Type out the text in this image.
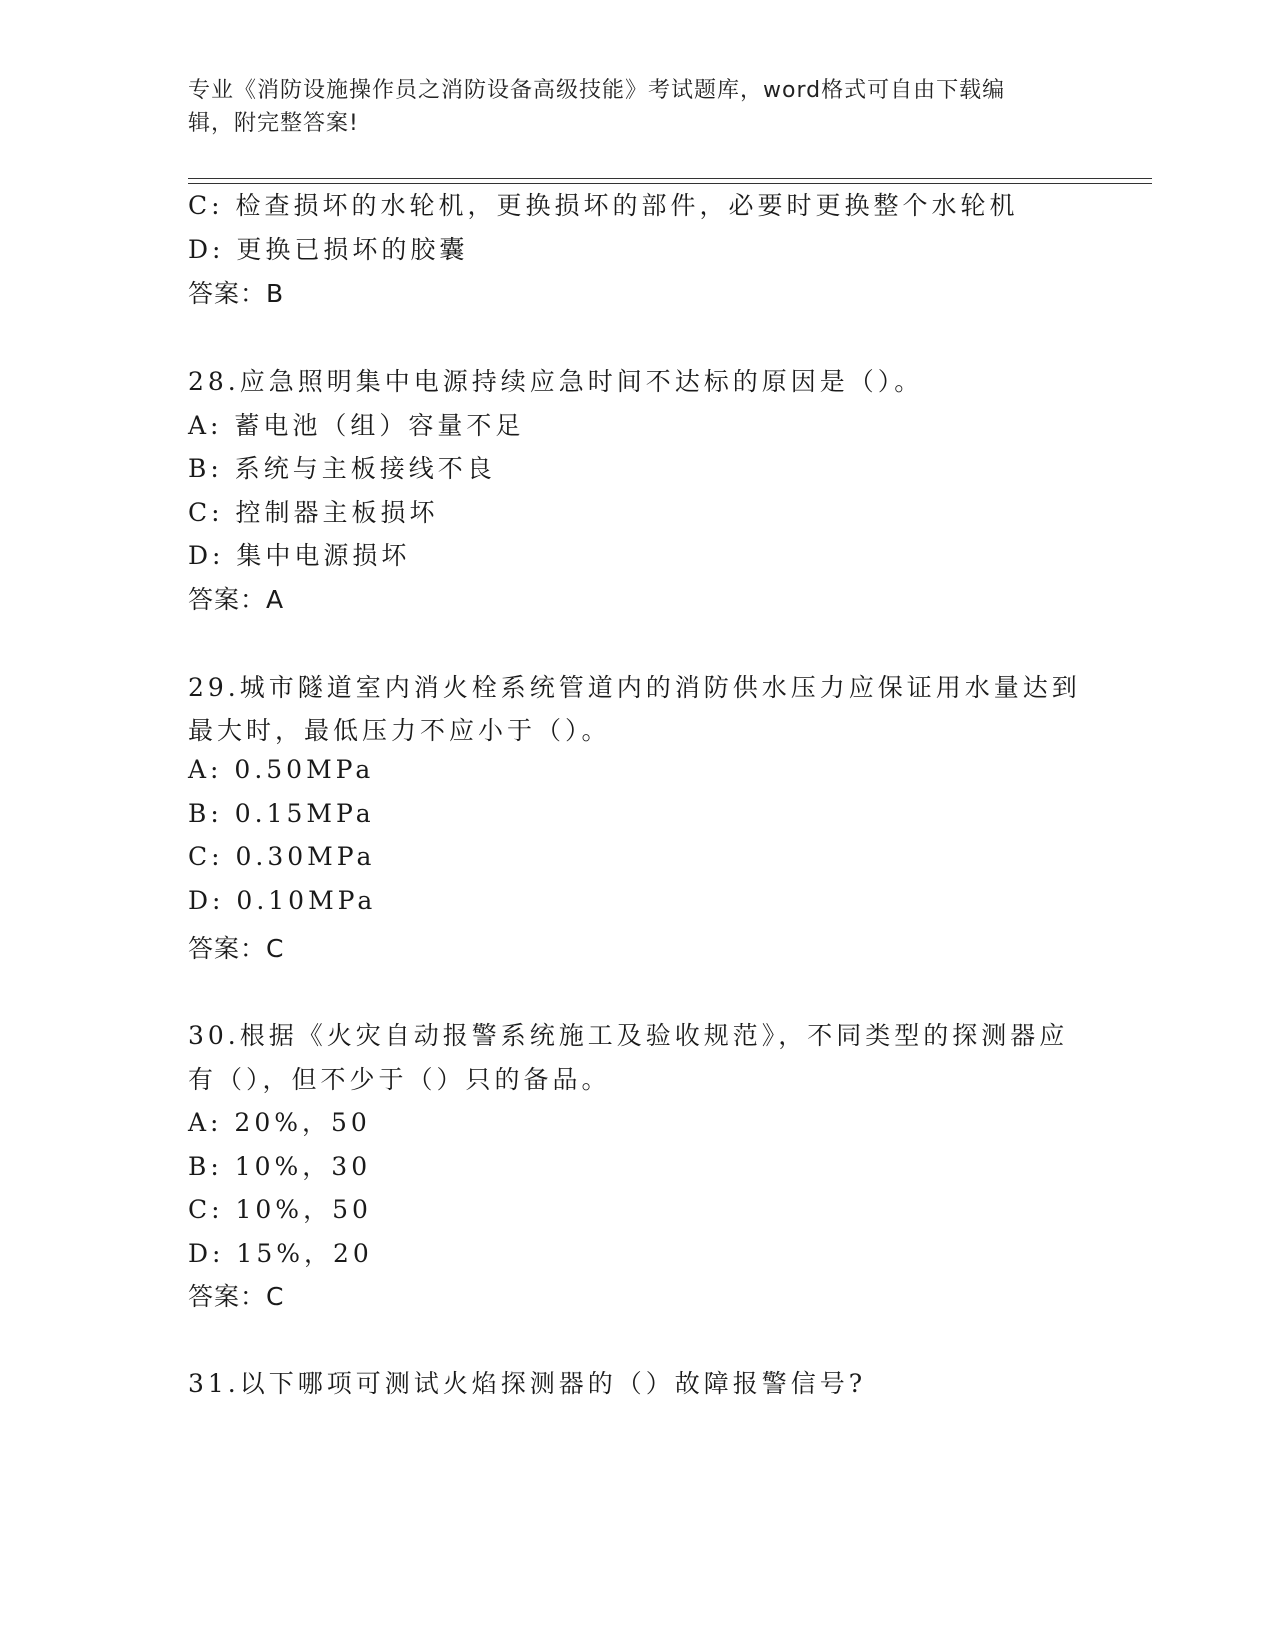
专业《消防设施操作员之消防设备高级技能》考试题库，word格式可自由下载编
辑，附完整答案!
C: 检查损坏的水轮机，更换损坏的部件，必要时更换整个水轮机
D: 更换已损坏的胶囊
答案：B
28.应急照明集中电源持续应急时间不达标的原因是（）。
A: 蓄电池（组）容量不足
B: 系统与主板接线不良
C: 控制器主板损坏
D: 集中电源损坏
答案：A
29.城市隧道室内消火栓系统管道内的消防供水压力应保证用水量达到
最大时，最低压力不应小于（）。
A: 0.50MPa
B: 0.15MPa
C: 0.30MPa
D: 0.10MPa
答案：C
30.根据《火灾自动报警系统施工及验收规范》，不同类型的探测器应
有（），但不少于（）只的备品。
A: 20%，50
B: 10%，30
C: 10%，50
D: 15%，20
答案：C
31.以下哪项可测试火焰探测器的（）故障报警信号?
